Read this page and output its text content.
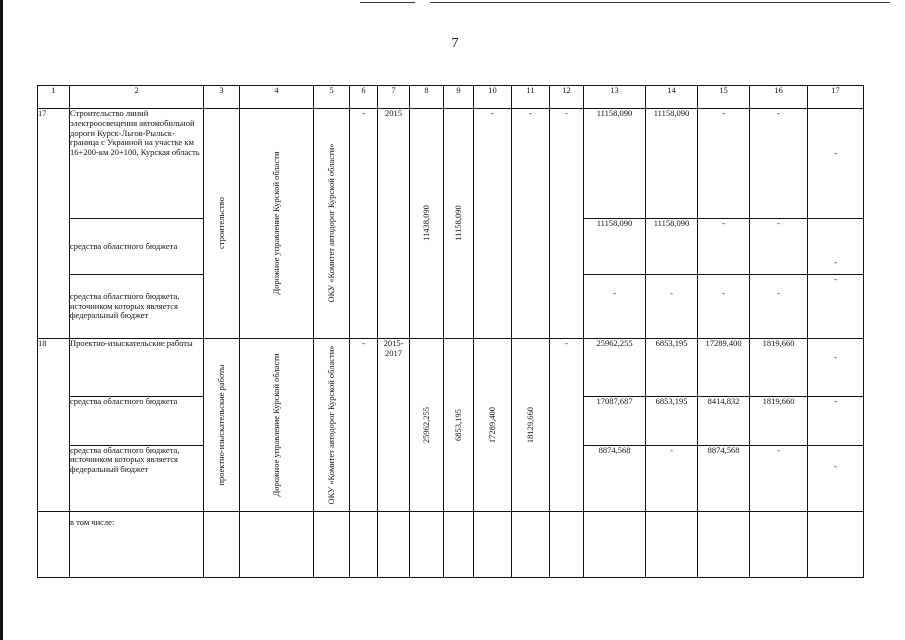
7
1	2	3	4	5	6	7	8	9	10	11	12	13	14	15	16	17
17	Строительство линий электроосвещения автомобильной дороги Курск-Льгов-Рыльск-граница с Украиной на участке км 16+200-км 20+100, Курская область	строительство	Дорожное управление Курской области	ОКУ «Комитет автодорог Курской области»	-	2015	11438,090	11158,090	-	-	-	11158,090	11158,090	-	-	-
	средства областного бюджета											11158,090	11158,090	-	-	-
	средства областного бюджета, источником которых является федеральный бюджет											-	-	-	-	-
18	Проектно-изыскательские работы	проектно-изыскательские работы	Дорожное управление Курской области	ОКУ «Комитет автодорог Курской области»	-	2015-2017	25962,255	6853,195	17289,400	18129,660	-	25962,255	6853,195	17289,400	1819,660	-
	средства областного бюджета											17087,687	6853,195	8414,832	1819,660	-
	средства областного бюджета, источником которых является федеральный бюджет											8874,568	-	8874,568	-	-
	в том числе:															
